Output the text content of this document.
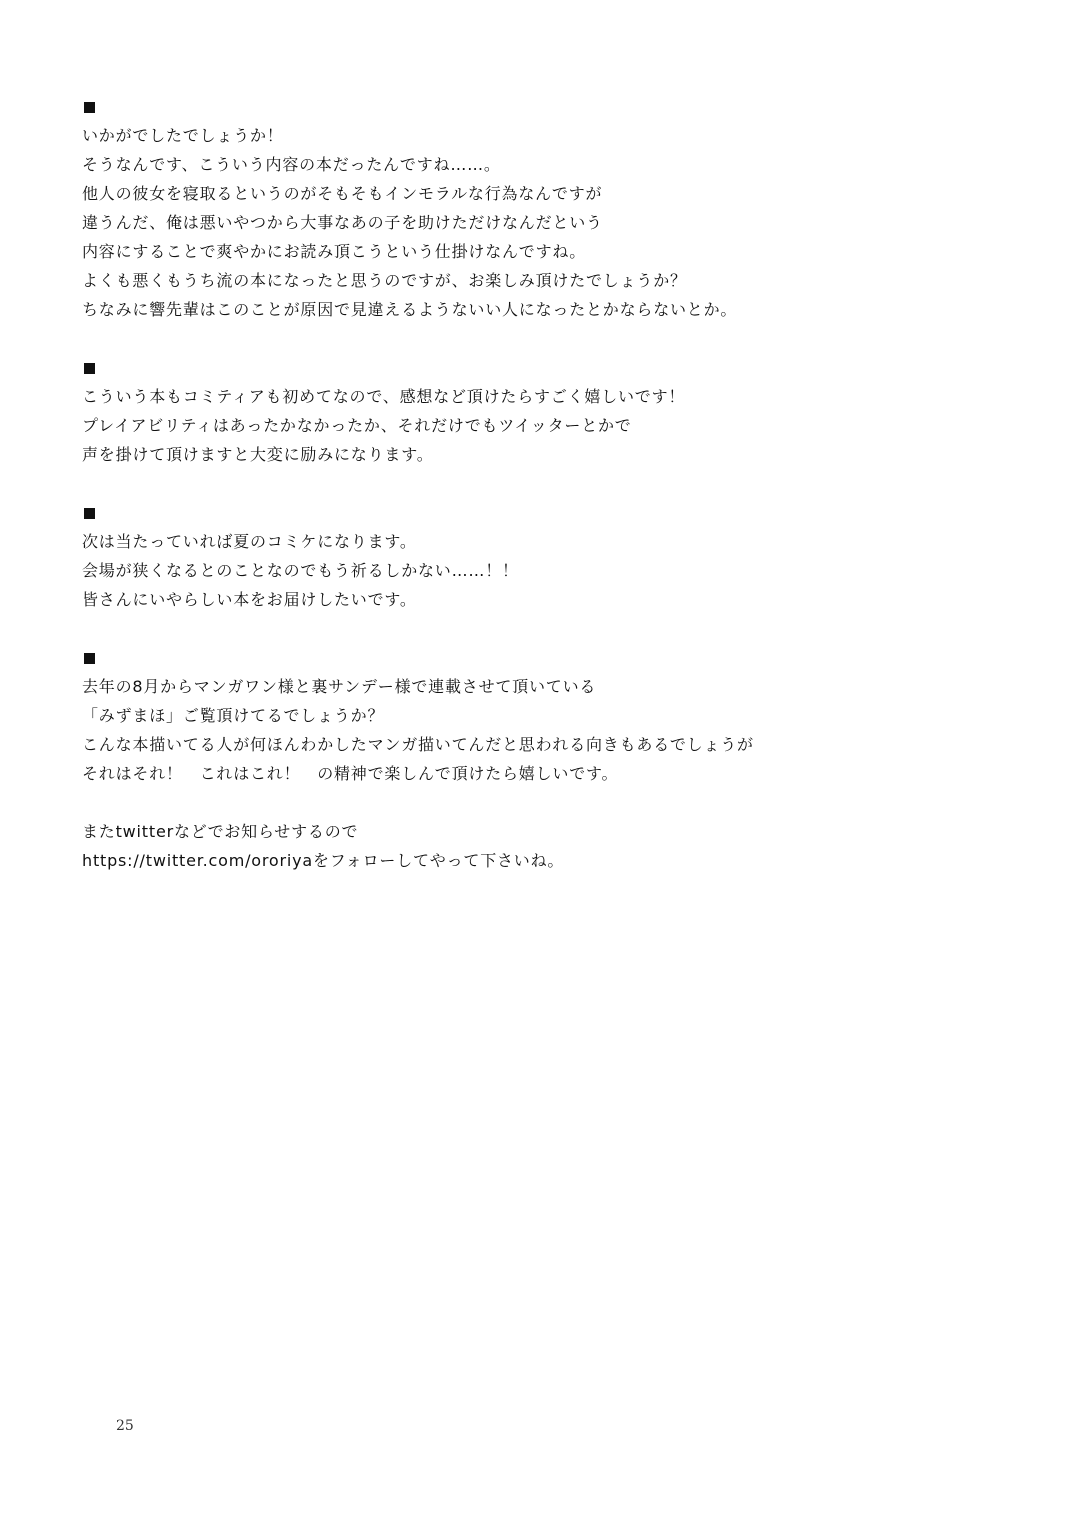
いかがでしたでしょうか！
そうなんです、こういう内容の本だったんですね……。
他人の彼女を寝取るというのがそもそもインモラルな行為なんですが
違うんだ、俺は悪いやつから大事なあの子を助けただけなんだという
内容にすることで爽やかにお読み頂こうという仕掛けなんですね。
よくも悪くもうち流の本になったと思うのですが、お楽しみ頂けたでしょうか？
ちなみに響先輩はこのことが原因で見違えるようないい人になったとかならないとか。
こういう本もコミティアも初めてなので、感想など頂けたらすごく嬉しいです！
プレイアビリティはあったかなかったか、それだけでもツイッターとかで
声を掛けて頂けますと大変に励みになります。
次は当たっていれば夏のコミケになります。
会場が狭くなるとのことなのでもう祈るしかない……！！
皆さんにいやらしい本をお届けしたいです。
去年の8月からマンガワン様と裏サンデー様で連載させて頂いている
「みずまほ」ご覧頂けてるでしょうか？
こんな本描いてる人が何ほんわかしたマンガ描いてんだと思われる向きもあるでしょうが
それはそれ！　これはこれ！　の精神で楽しんで頂けたら嬉しいです。
またtwitterなどでお知らせするので
https://twitter.com/ororiyaをフォローしてやって下さいね。
25
